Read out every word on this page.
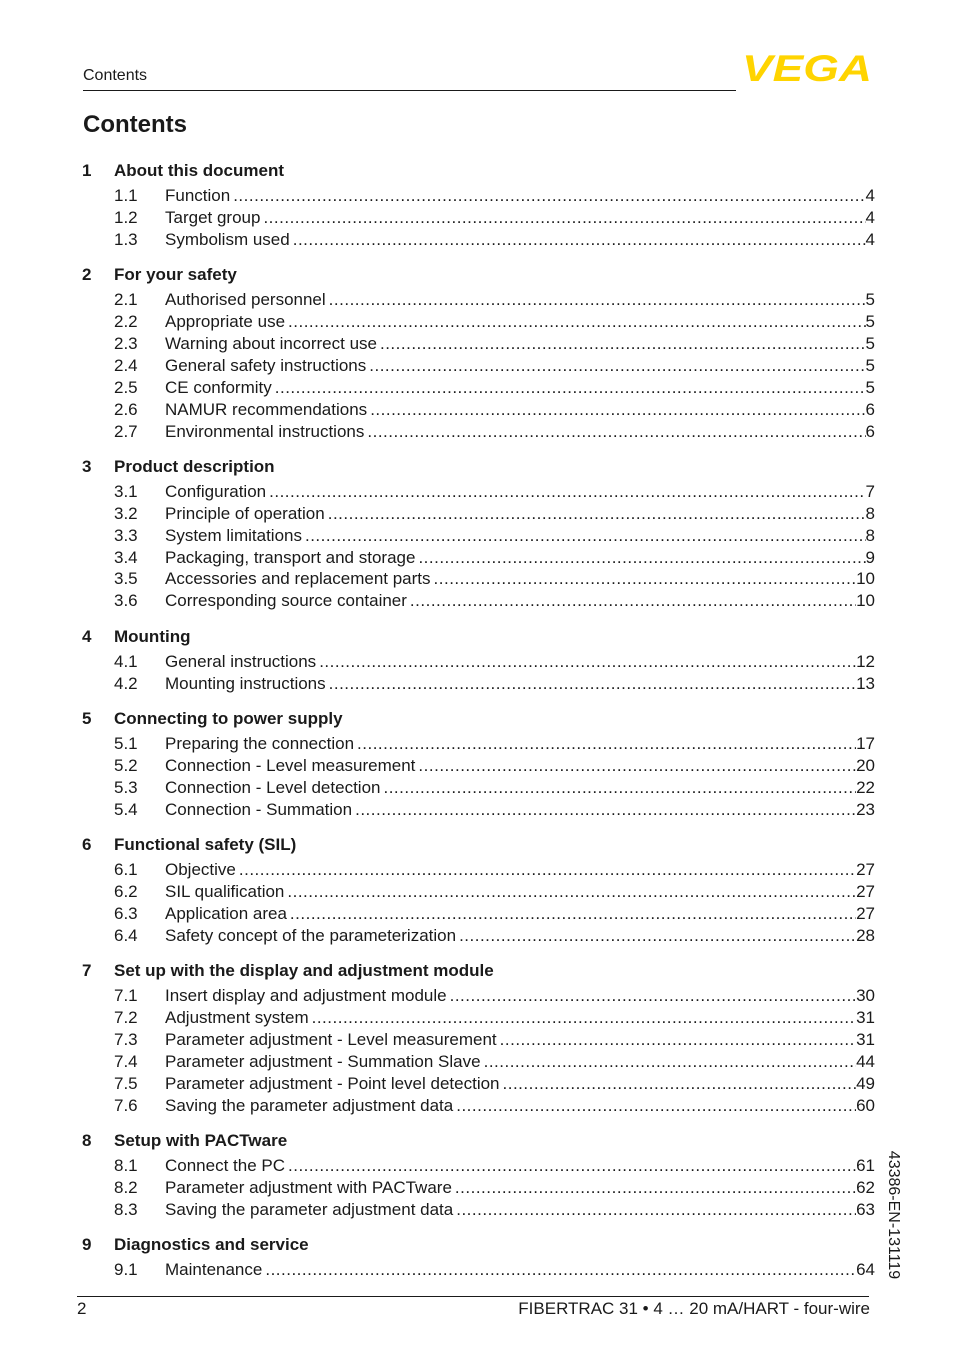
Contents	VEGA
Contents
1	About this document
1.1	Function .....	4
1.2	Target group .....	4
1.3	Symbolism used .....	4
2	For your safety
2.1	Authorised personnel .....	5
2.2	Appropriate use .....	5
2.3	Warning about incorrect use .....	5
2.4	General safety instructions .....	5
2.5	CE conformity .....	5
2.6	NAMUR recommendations .....	6
2.7	Environmental instructions .....	6
3	Product description
3.1	Configuration .....	7
3.2	Principle of operation .....	8
3.3	System limitations .....	8
3.4	Packaging, transport and storage .....	9
3.5	Accessories and replacement parts .....	10
3.6	Corresponding source container .....	10
4	Mounting
4.1	General instructions .....	12
4.2	Mounting instructions .....	13
5	Connecting to power supply
5.1	Preparing the connection .....	17
5.2	Connection - Level measurement .....	20
5.3	Connection - Level detection .....	22
5.4	Connection - Summation .....	23
6	Functional safety (SIL)
6.1	Objective .....	27
6.2	SIL qualification .....	27
6.3	Application area .....	27
6.4	Safety concept of the parameterization .....	28
7	Set up with the display and adjustment module
7.1	Insert display and adjustment module .....	30
7.2	Adjustment system .....	31
7.3	Parameter adjustment - Level measurement .....	31
7.4	Parameter adjustment - Summation Slave .....	44
7.5	Parameter adjustment - Point level detection .....	49
7.6	Saving the parameter adjustment data .....	60
8	Setup with PACTware
8.1	Connect the PC .....	61
8.2	Parameter adjustment with PACTware .....	62
8.3	Saving the parameter adjustment data .....	63
9	Diagnostics and service
9.1	Maintenance .....	64 43386-EN-131119
2	FIBERTRAC 31 • 4 … 20 mA/HART - four-wire
